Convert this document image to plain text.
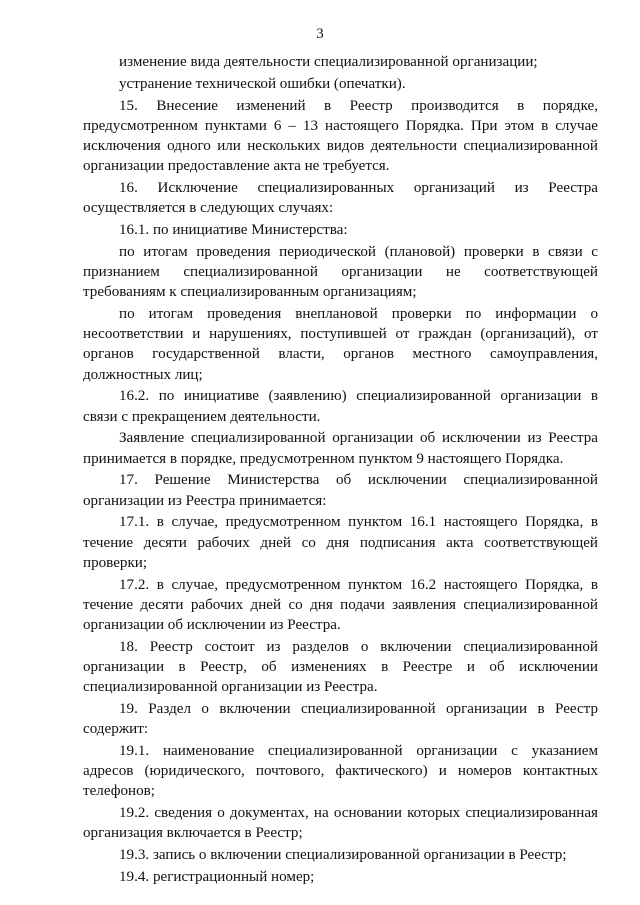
3

изменение вида деятельности специализированной организации;

устранение технической ошибки (опечатки).

15. Внесение изменений в Реестр производится в порядке, предусмотренном пунктами 6 – 13 настоящего Порядка. При этом в случае исключения одного или нескольких видов деятельности специализированной организации предоставление акта не требуется.

16. Исключение специализированных организаций из Реестра осуществляется в следующих случаях:

16.1. по инициативе Министерства:

по итогам проведения периодической (плановой) проверки в связи с признанием специализированной организации не соответствующей требованиям к специализированным организациям;

по итогам проведения внеплановой проверки по информации о несоответствии и нарушениях, поступившей от граждан (организаций), от органов государственной власти, органов местного самоуправления, должностных лиц;

16.2. по инициативе (заявлению) специализированной организации в связи с прекращением деятельности.

Заявление специализированной организации об исключении из Реестра принимается в порядке, предусмотренном пунктом 9 настоящего Порядка.

17. Решение Министерства об исключении специализированной организации из Реестра принимается:

17.1. в случае, предусмотренном пунктом 16.1 настоящего Порядка, в течение десяти рабочих дней со дня подписания акта соответствующей проверки;

17.2. в случае, предусмотренном пунктом 16.2 настоящего Порядка, в течение десяти рабочих дней со дня подачи заявления специализированной организации об исключении из Реестра.

18. Реестр состоит из разделов о включении специализированной организации в Реестр, об изменениях в Реестре и об исключении специализированной организации из Реестра.

19. Раздел о включении специализированной организации в Реестр содержит:

19.1. наименование специализированной организации с указанием адресов (юридического, почтового, фактического) и номеров контактных телефонов;

19.2. сведения о документах, на основании которых специализированная организация включается в Реестр;

19.3. запись о включении специализированной организации в Реестр;

19.4. регистрационный номер;
